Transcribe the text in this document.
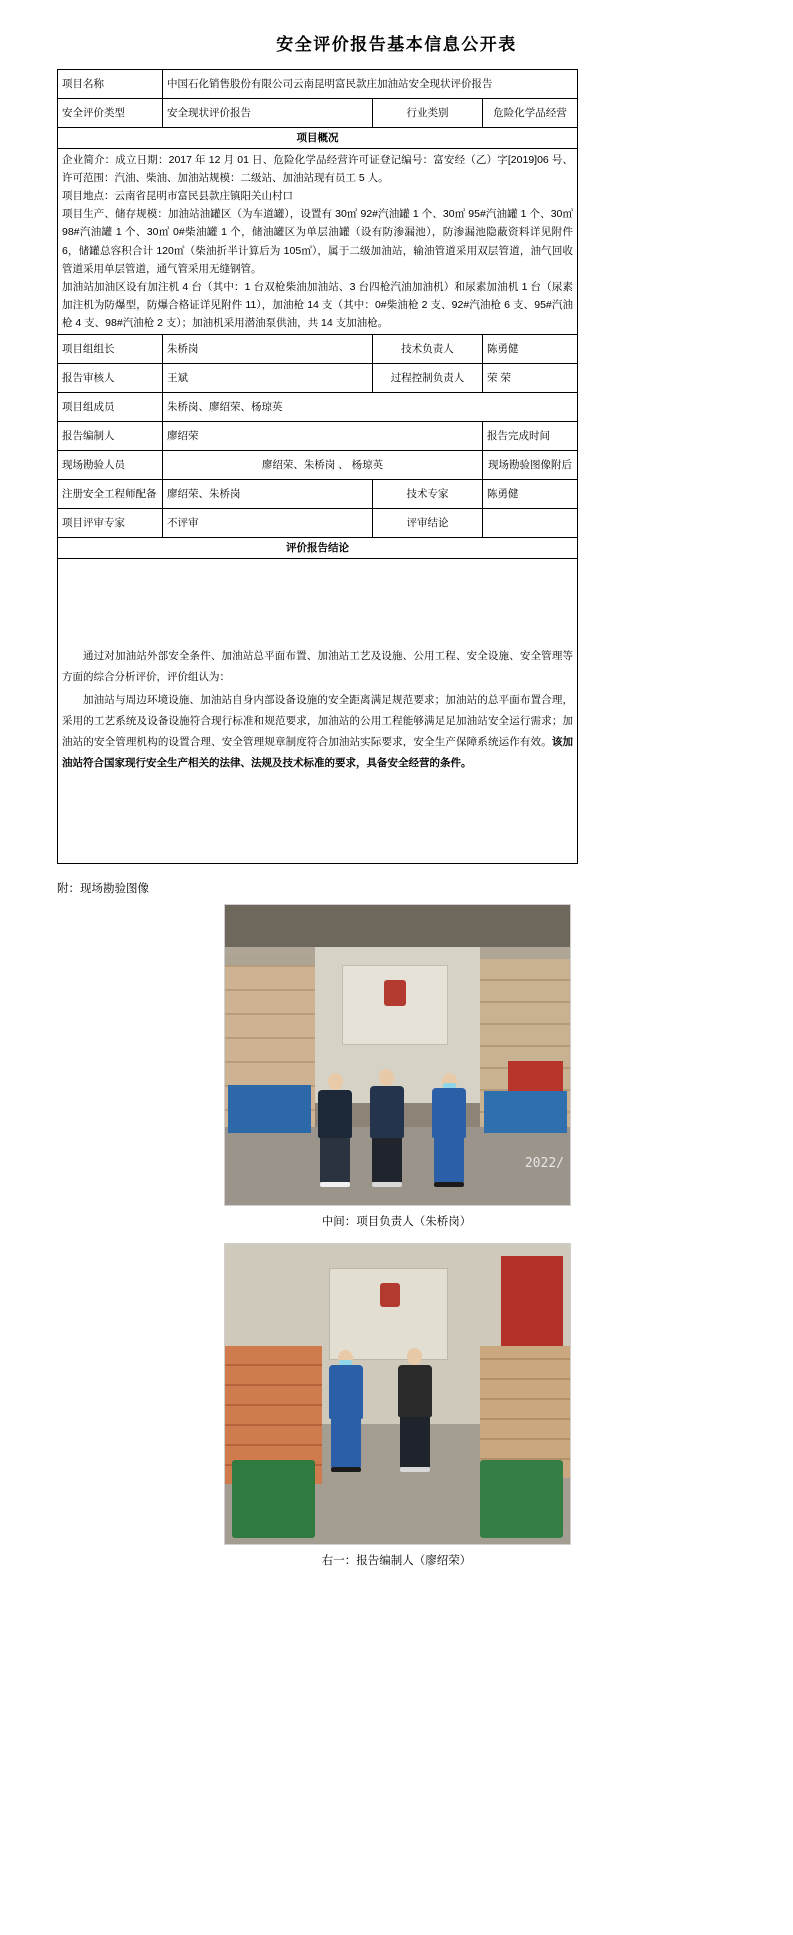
安全评价报告基本信息公开表
项目名称	中国石化销售股份有限公司云南昆明富民款庄加油站安全现状评价报告		
安全评价类型	安全现状评价报告	行业类别	危险化学品经营
项目概况			

企业简介：成立日期：2017 年 12 月 01 日、危险化学品经营许可证登记编号：富安经（乙）字[2019]06 号、许可范围：汽油、柴油、加油站规模：二级站、加油站现有员工 5 人。

项目地点：云南省昆明市富民县款庄镇阳关山村口

项目生产、储存规模：加油站油罐区（为车道罐），设置有 30㎥ 92#汽油罐 1 个、30㎥ 95#汽油罐 1 个、30㎥ 98#汽油罐 1 个、30㎥ 0#柴油罐 1 个，储油罐区为单层油罐（设有防渗漏池），防渗漏池隐蔽资料详见附件 6，储罐总容积合计 120㎥（柴油折半计算后为 105㎥），属于二级加油站，输油管道采用双层管道，油气回收管道采用单层管道，通气管采用无缝钢管。

加油站加油区设有加注机 4 台（其中：1 台双枪柴油加油站、3 台四枪汽油加油机）和尿素加油机 1 台（尿素加注机为防爆型，防爆合格证详见附件 11），加油枪 14 支（其中：0#柴油枪 2 支、92#汽油枪 6 支、95#汽油枪 4 支、98#汽油枪 2 支）；加油机采用潜油泵供油，共 14 支加油枪。			

项目组组长	朱桥岗	技术负责人	陈勇健
报告审核人	王斌	过程控制负责人	荣 荣
项目组成员	朱桥岗、廖绍荣、杨琼英		
报告编制人	廖绍荣		报告完成时间
现场勘验人员	廖绍荣、朱桥岗 、 杨琼英		现场勘验图像附后
注册安全工程师配备	廖绍荣、朱桥岗	技术专家	陈勇健
项目评审专家	不评审	评审结论	
评价报告结论			

通过对加油站外部安全条件、加油站总平面布置、加油站工艺及设施、公用工程、安全设施、安全管理等方面的综合分析评价，评价组认为：

加油站与周边环境设施、加油站自身内部设备设施的安全距离满足规范要求；加油站的总平面布置合理，采用的工艺系统及设备设施符合现行标准和规范要求，加油站的公用工程能够满足足加油站安全运行需求；加油站的安全管理机构的设置合理、安全管理规章制度符合加油站实际要求，安全生产保障系统运作有效。该加油站符合国家现行安全生产相关的法律、法规及技术标准的要求，具备安全经营的条件。			

附：现场勘验图像
2022/
中间：项目负责人（朱桥岗）
右一：报告编制人（廖绍荣）
